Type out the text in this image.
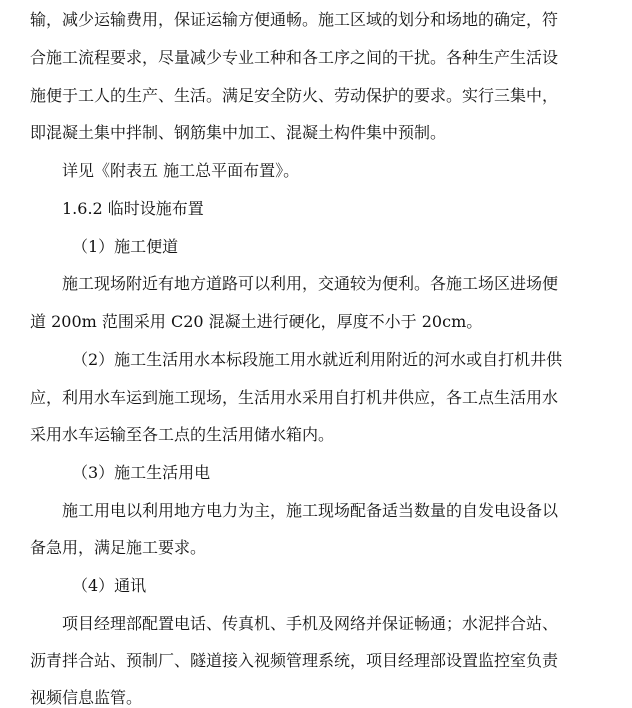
输，减少运输费用，保证运输方便通畅。施工区域的划分和场地的确定，符
合施工流程要求，尽量减少专业工种和各工序之间的干扰。各种生产生活设
施便于工人的生产、生活。满足安全防火、劳动保护的要求。实行三集中，
即混凝土集中拌制、钢筋集中加工、混凝土构件集中预制。
详见《附表五 施工总平面布置》。
1.6.2 临时设施布置
（1）施工便道
施工现场附近有地方道路可以利用，交通较为便利。各施工场区进场便
道 200m 范围采用 C20 混凝土进行硬化，厚度不小于 20cm。
（2）施工生活用水本标段施工用水就近利用附近的河水或自打机井供
应，利用水车运到施工现场，生活用水采用自打机井供应，各工点生活用水
采用水车运输至各工点的生活用储水箱内。
（3）施工生活用电
施工用电以利用地方电力为主，施工现场配备适当数量的自发电设备以
备急用，满足施工要求。
（4）通讯
项目经理部配置电话、传真机、手机及网络并保证畅通；水泥拌合站、
沥青拌合站、预制厂、隧道接入视频管理系统，项目经理部设置监控室负责
视频信息监管。
